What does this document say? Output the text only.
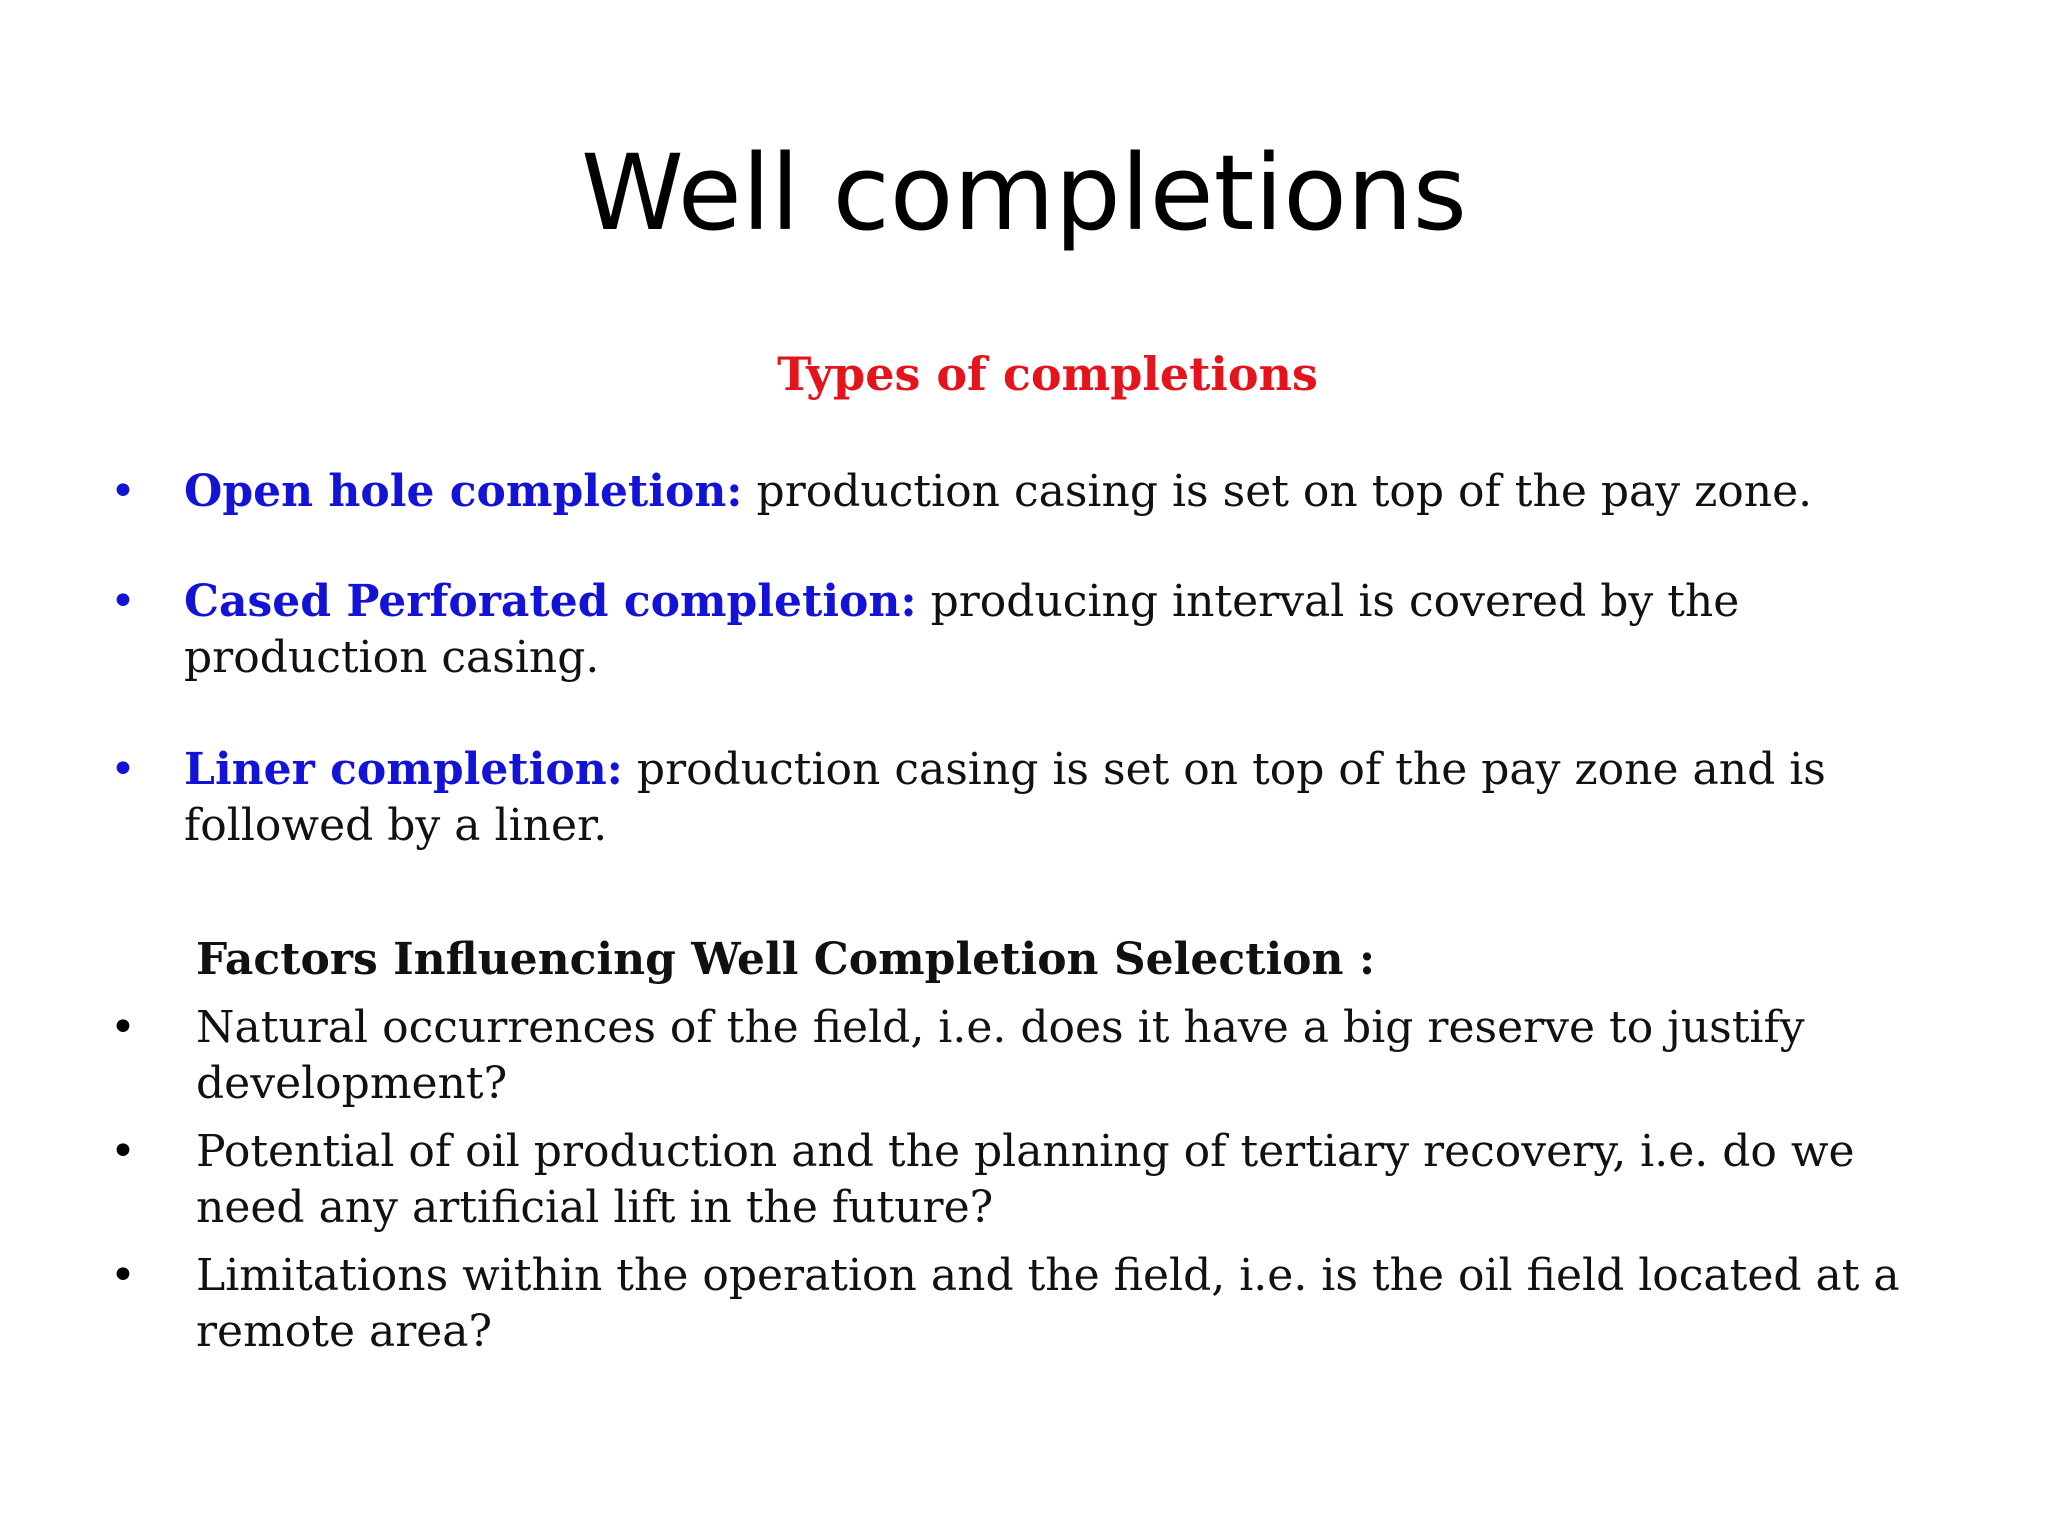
Well completions
Types of completions
• Open hole completion: production casing is set on top of the pay zone.
• Cased Perforated completion: producing interval is covered by the production casing.
• Liner completion: production casing is set on top of the pay zone and is followed by a liner.
Factors Influencing Well Completion Selection :
• Natural occurrences of the field, i.e. does it have a big reserve to justify development?
• Potential of oil production and the planning of tertiary recovery, i.e. do we need any artificial lift in the future?
• Limitations within the operation and the field, i.e. is the oil field located at a remote area?
